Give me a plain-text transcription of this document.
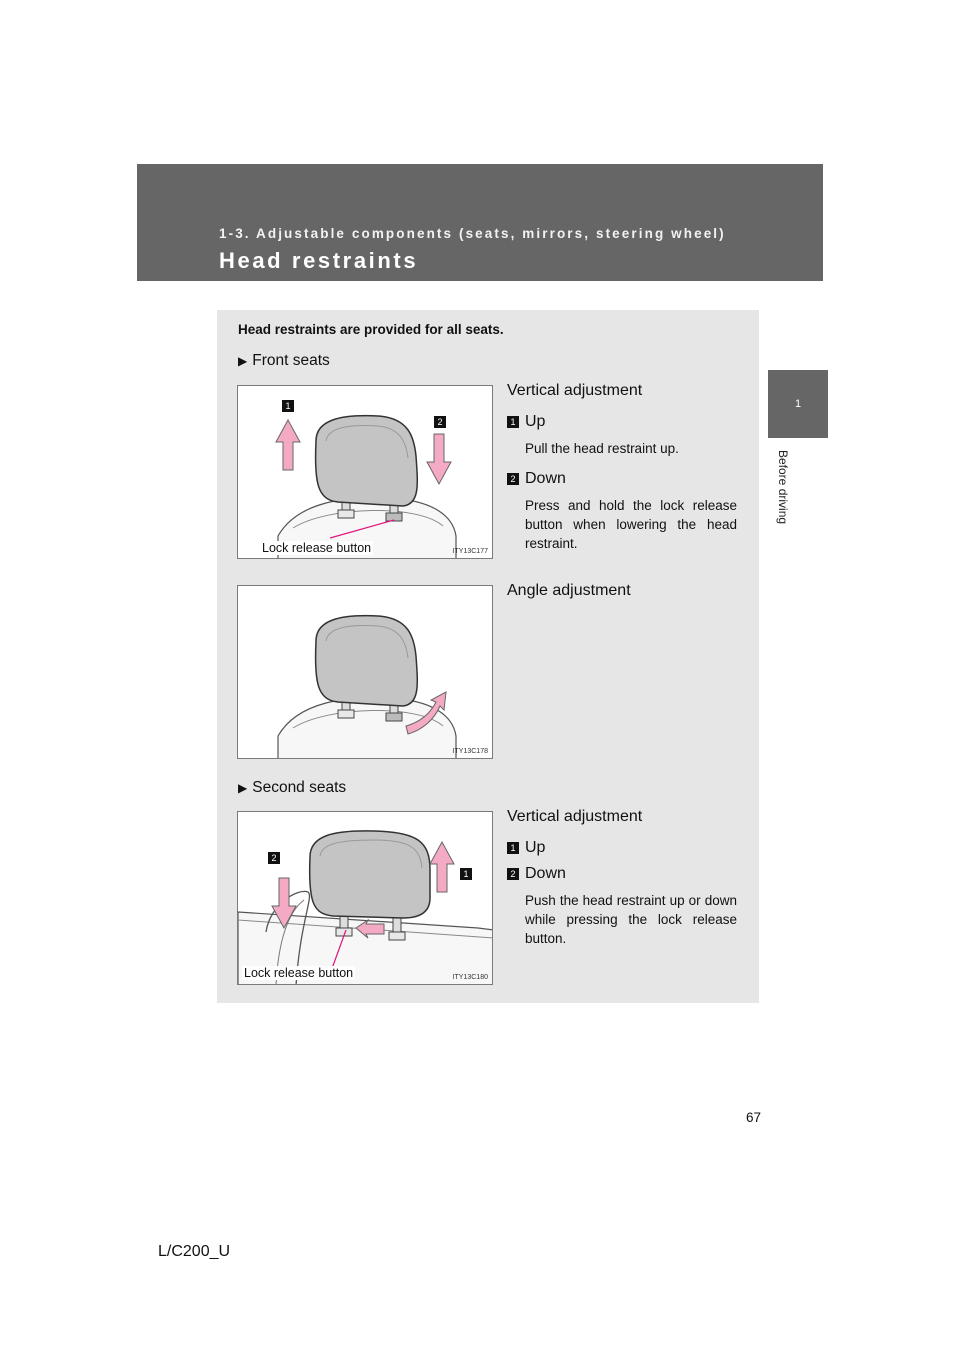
1-3. Adjustable components (seats, mirrors, steering wheel)
Head restraints
1
Before driving
Head restraints are provided for all seats.
▶ Front seats
1
2
Lock release button	ITY13C177
Vertical adjustment
1 Up

Pull the head restraint up.

2 Down

Press and hold the lock release button when lowering the head restraint.

ITY13C178
Angle adjustment
▶ Second seats
2
1
Lock release button	ITY13C180
Vertical adjustment
1 Up
2 Down

Push the head restraint up or down while pressing the lock release button.

67
L/C200_U
